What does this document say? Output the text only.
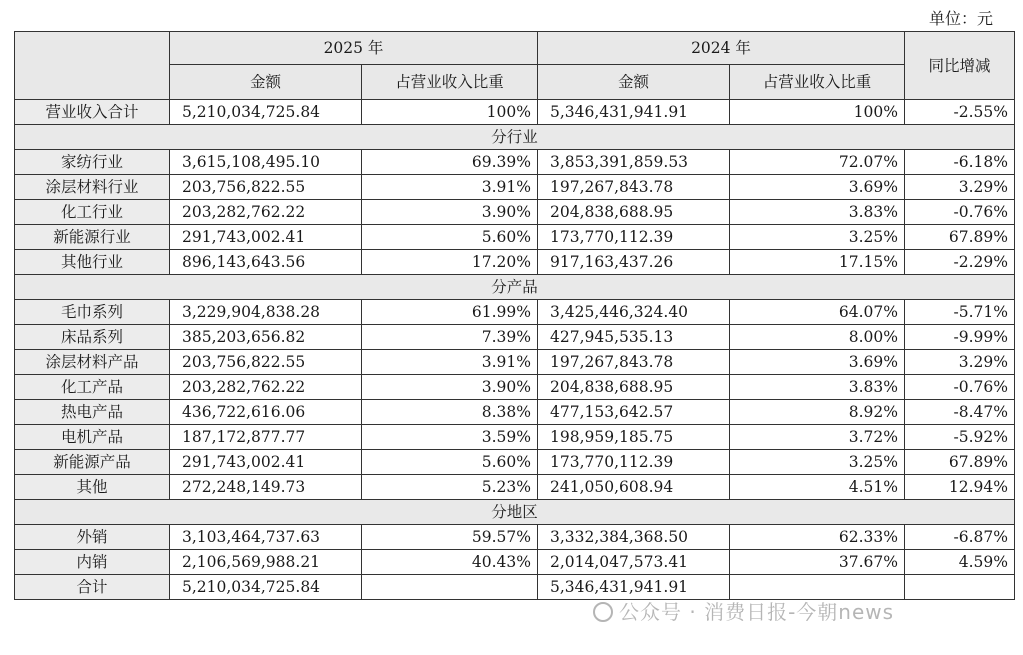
单位：元
	2025 年		2024 年		同比增减
	金额	占营业收入比重	金额	占营业收入比重	
营业收入合计	5,210,034,725.84	100%	5,346,431,941.91	100%	-2.55%
分行业					
家纺行业	3,615,108,495.10	69.39%	3,853,391,859.53	72.07%	-6.18%
涂层材料行业	203,756,822.55	3.91%	197,267,843.78	3.69%	3.29%
化工行业	203,282,762.22	3.90%	204,838,688.95	3.83%	-0.76%
新能源行业	291,743,002.41	5.60%	173,770,112.39	3.25%	67.89%
其他行业	896,143,643.56	17.20%	917,163,437.26	17.15%	-2.29%
分产品					
毛巾系列	3,229,904,838.28	61.99%	3,425,446,324.40	64.07%	-5.71%
床品系列	385,203,656.82	7.39%	427,945,535.13	8.00%	-9.99%
涂层材料产品	203,756,822.55	3.91%	197,267,843.78	3.69%	3.29%
化工产品	203,282,762.22	3.90%	204,838,688.95	3.83%	-0.76%
热电产品	436,722,616.06	8.38%	477,153,642.57	8.92%	-8.47%
电机产品	187,172,877.77	3.59%	198,959,185.75	3.72%	-5.92%
新能源产品	291,743,002.41	5.60%	173,770,112.39	3.25%	67.89%
其他	272,248,149.73	5.23%	241,050,608.94	4.51%	12.94%
分地区					
外销	3,103,464,737.63	59.57%	3,332,384,368.50	62.33%	-6.87%
内销	2,106,569,988.21	40.43%	2,014,047,573.41	37.67%	4.59%
合计	5,210,034,725.84		5,346,431,941.91		
公众号 · 消费日报-今朝news
